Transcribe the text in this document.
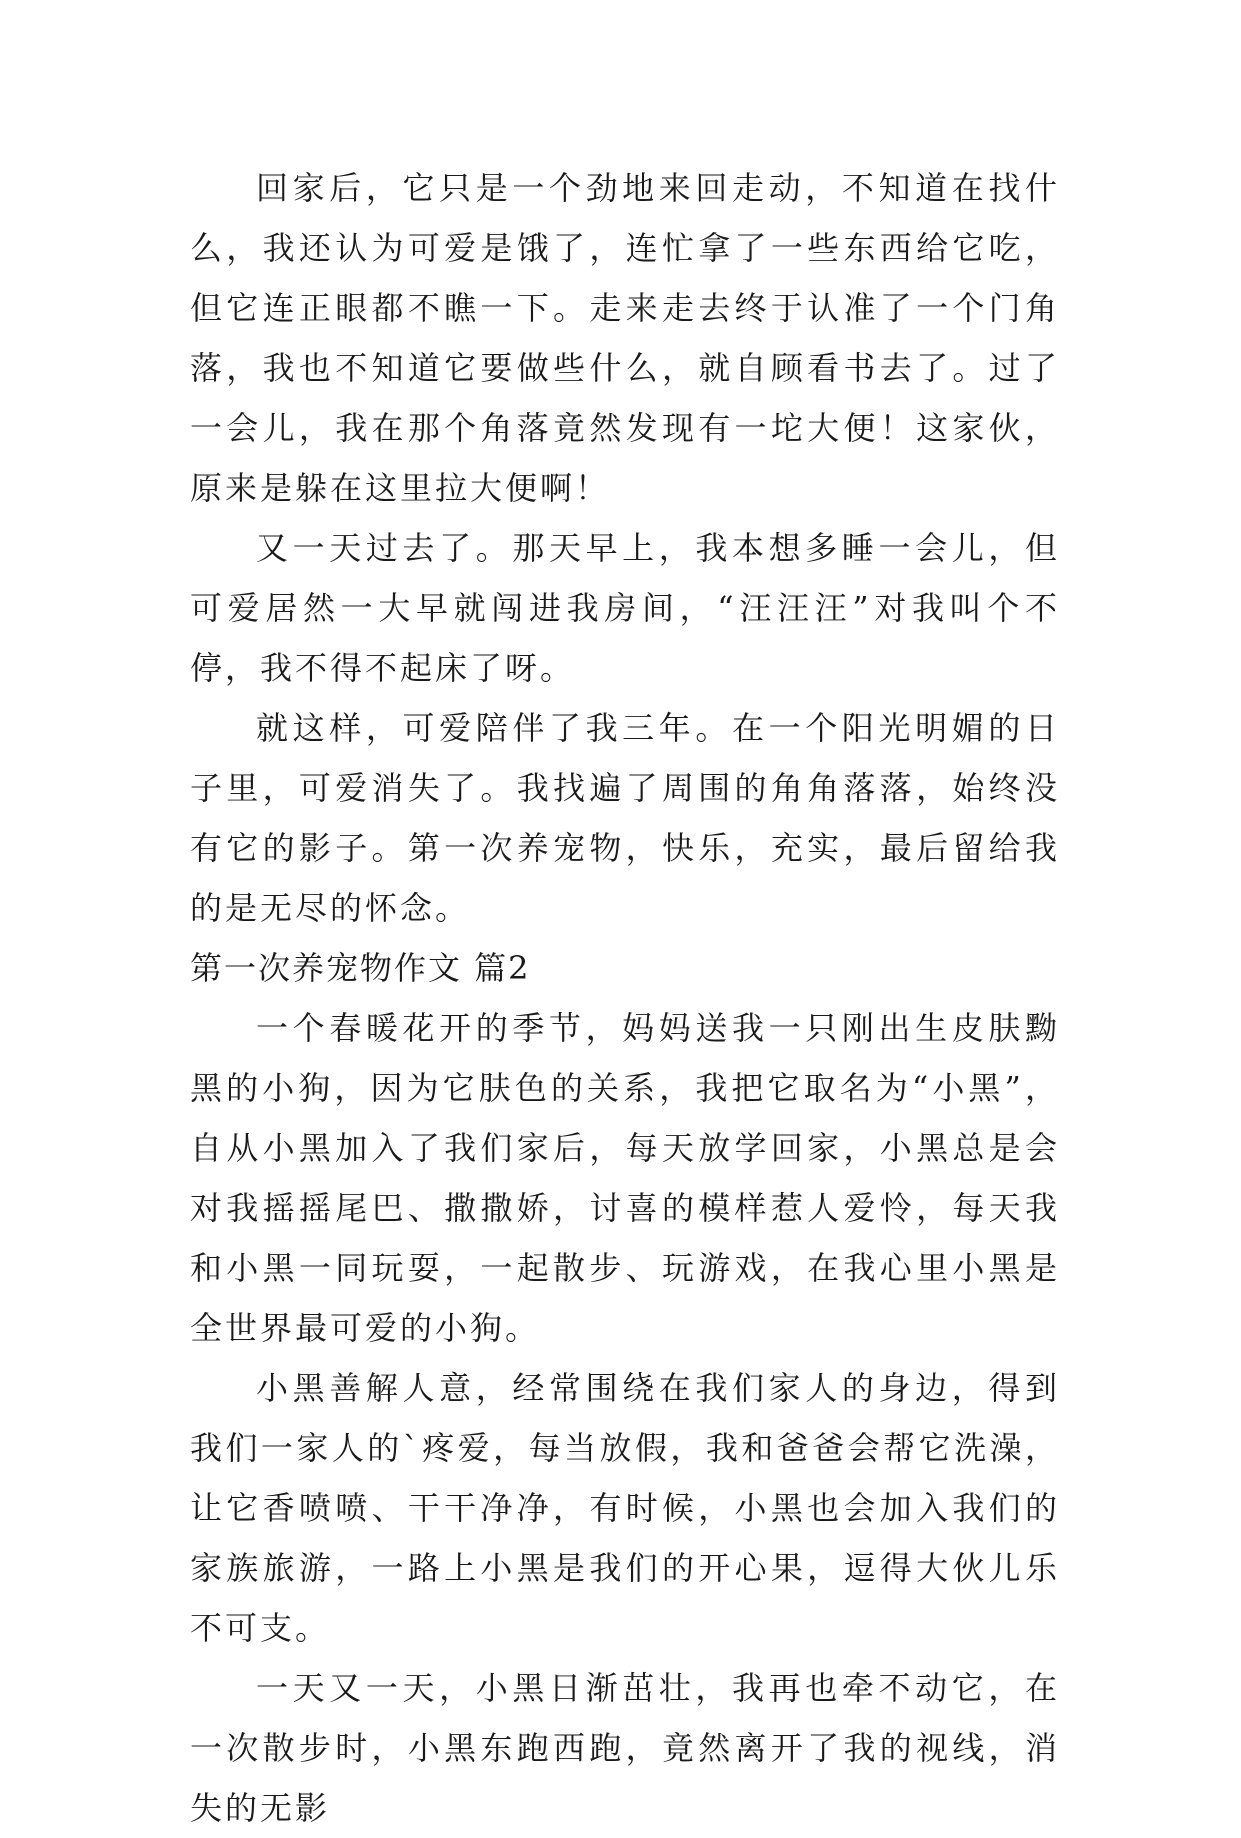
回家后，它只是一个劲地来回走动，不知道在找什么，我还认为可爱是饿了，连忙拿了一些东西给它吃，但它连正眼都不瞧一下。走来走去终于认准了一个门角落，我也不知道它要做些什么，就自顾看书去了。过了一会儿，我在那个角落竟然发现有一坨大便！这家伙，原来是躲在这里拉大便啊！

又一天过去了。那天早上，我本想多睡一会儿，但可爱居然一大早就闯进我房间，“汪汪汪”对我叫个不停，我不得不起床了呀。

就这样，可爱陪伴了我三年。在一个阳光明媚的日子里，可爱消失了。我找遍了周围的角角落落，始终没有它的影子。第一次养宠物，快乐，充实，最后留给我的是无尽的怀念。

第一次养宠物作文 篇2

一个春暖花开的季节，妈妈送我一只刚出生皮肤黝黑的小狗，因为它肤色的关系，我把它取名为“小黑”，自从小黑加入了我们家后，每天放学回家，小黑总是会对我摇摇尾巴、撒撒娇，讨喜的模样惹人爱怜，每天我和小黑一同玩耍，一起散步、玩游戏，在我心里小黑是全世界最可爱的小狗。

小黑善解人意，经常围绕在我们家人的身边，得到我们一家人的`疼爱，每当放假，我和爸爸会帮它洗澡，让它香喷喷、干干净净，有时候，小黑也会加入我们的家族旅游，一路上小黑是我们的开心果，逗得大伙儿乐不可支。

一天又一天，小黑日渐茁壮，我再也牵不动它，在一次散步时，小黑东跑西跑，竟然离开了我的视线，消失的无影
